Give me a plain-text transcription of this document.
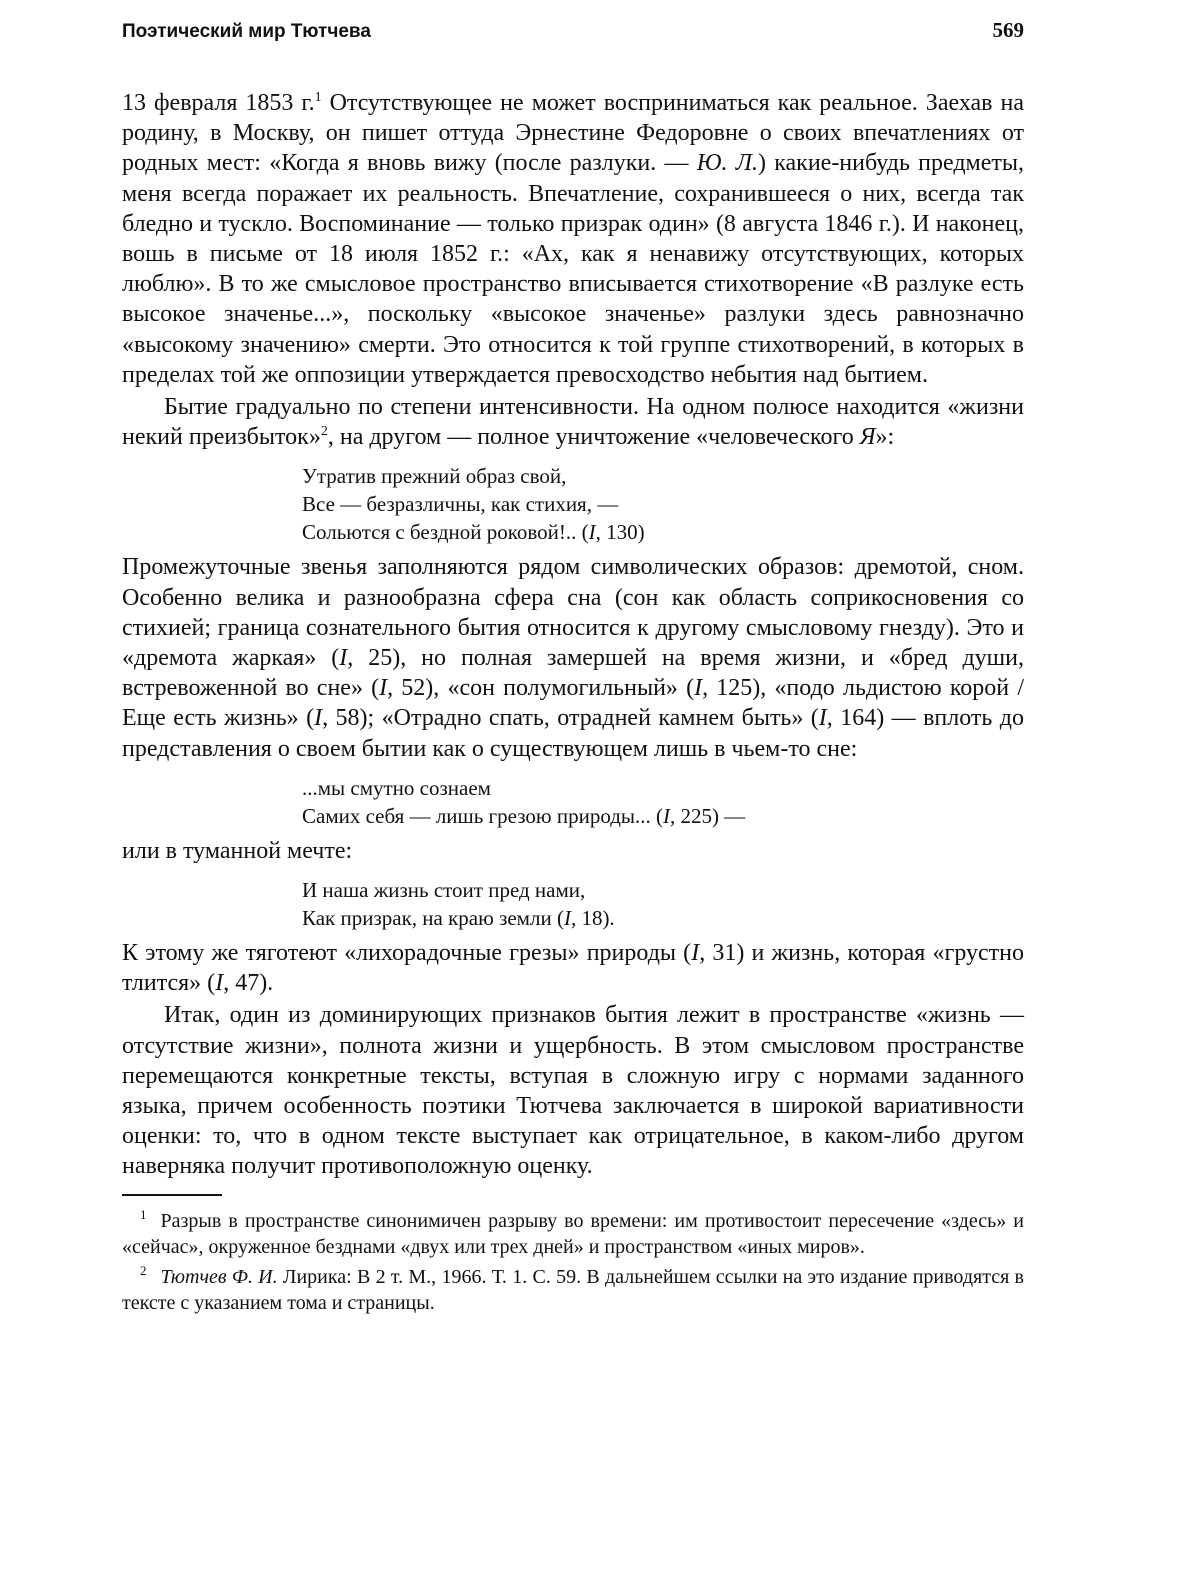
Поэтический мир Тютчева	569

13 февраля 1853 г.$^1$ Отсутствующее не может восприниматься как реальное. Заехав на родину, в Москву, он пишет оттуда Эрнестине Федоровне о своих впечатлениях от родных мест: «Когда я вновь вижу (после разлуки. — Ю. Л.) какие-нибудь предметы, меня всегда поражает их реальность. Впечатление, сохранившееся о них, всегда так бледно и тускло. Воспоминание — только призрак один» (8 августа 1846 г.). И наконец, вошь в письме от 18 июля 1852 г.: «Ах, как я ненавижу отсутствующих, которых люблю». В то же смысловое пространство вписывается стихотворение «В разлуке есть высокое значенье...», поскольку «высокое значенье» разлуки здесь равнозначно «высокому значению» смерти. Это относится к той группе стихотворений, в которых в пределах той же оппозиции утверждается превосходство небытия над бытием.

Бытие градуально по степени интенсивности. На одном полюсе находится «жизни некий преизбыток»$^2$, на другом — полное уничтожение «человеческого Я»:

Утратив прежний образ свой,
Все — безразличны, как стихия, —
Сольются с бездной роковой!.. (I, 130)

Промежуточные звенья заполняются рядом символических образов: дремотой, сном. Особенно велика и разнообразна сфера сна (сон как область соприкосновения со стихией; граница сознательного бытия относится к другому смысловому гнезду). Это и «дремота жаркая» (I, 25), но полная замершей на время жизни, и «бред души, встревоженной во сне» (I, 52), «сон полумогильный» (I, 125), «подо льдистою корой / Еще есть жизнь» (I, 58); «Отрадно спать, отрадней камнем быть» (I, 164) — вплоть до представления о своем бытии как о существующем лишь в чьем-то сне:

...мы смутно сознаем
Самих себя — лишь грезою природы... (I, 225) —

или в туманной мечте:

И наша жизнь стоит пред нами,
Как призрак, на краю земли (I, 18).

К этому же тяготеют «лихорадочные грезы» природы (I, 31) и жизнь, которая «грустно тлится» (I, 47).

Итак, один из доминирующих признаков бытия лежит в пространстве «жизнь — отсутствие жизни», полнота жизни и ущербность. В этом смысловом пространстве перемещаются конкретные тексты, вступая в сложную игру с нормами заданного языка, причем особенность поэтики Тютчева заключается в широкой вариативности оценки: то, что в одном тексте выступает как отрицательное, в каком-либо другом наверняка получит противоположную оценку.

$^1$ Разрыв в пространстве синонимичен разрыву во времени: им противостоит пересечение «здесь» и «сейчас», окруженное безднами «двух или трех дней» и пространством «иных миров».

$^2$ Тютчев Ф. И. Лирика: В 2 т. М., 1966. Т. 1. С. 59. В дальнейшем ссылки на это издание приводятся в тексте с указанием тома и страницы.
